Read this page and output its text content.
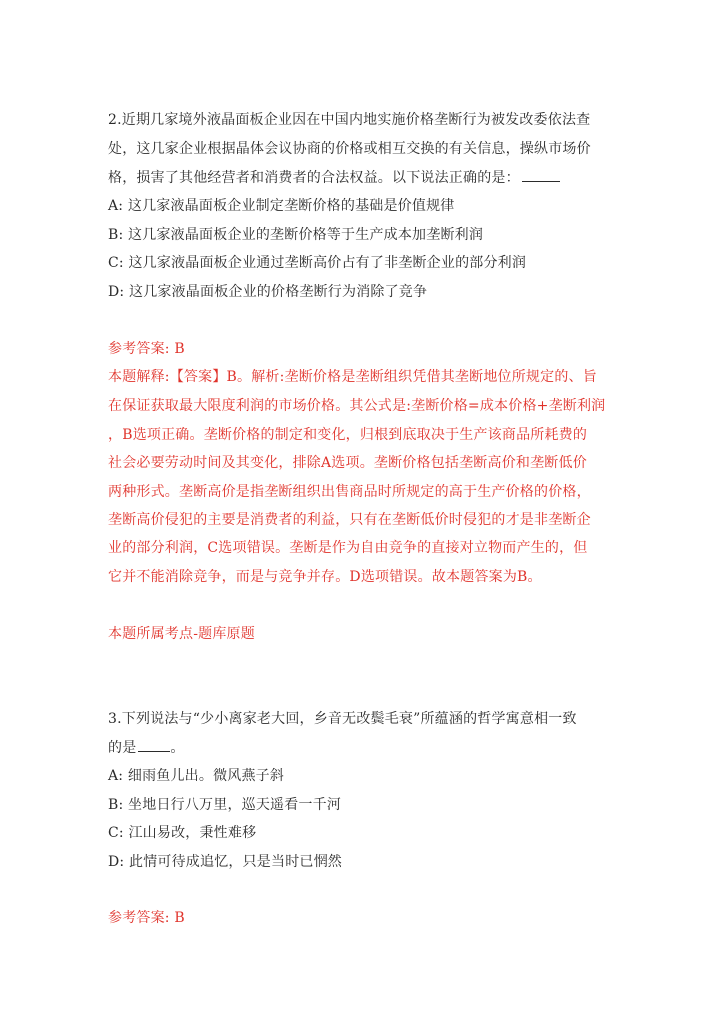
2.近期几家境外液晶面板企业因在中国内地实施价格垄断行为被发改委依法查
处，这几家企业根据晶体会议协商的价格或相互交换的有关信息，操纵市场价
格，损害了其他经营者和消费者的合法权益。以下说法正确的是：
A: 这几家液晶面板企业制定垄断价格的基础是价值规律
B: 这几家液晶面板企业的垄断价格等于生产成本加垄断利润
C: 这几家液晶面板企业通过垄断高价占有了非垄断企业的部分利润
D: 这几家液晶面板企业的价格垄断行为消除了竞争
参考答案: B
本题解释:【答案】B。解析:垄断价格是垄断组织凭借其垄断地位所规定的、旨
在保证获取最大限度利润的市场价格。其公式是:垄断价格=成本价格+垄断利润
，B选项正确。垄断价格的制定和变化，归根到底取决于生产该商品所耗费的
社会必要劳动时间及其变化，排除A选项。垄断价格包括垄断高价和垄断低价
两种形式。垄断高价是指垄断组织出售商品时所规定的高于生产价格的价格，
垄断高价侵犯的主要是消费者的利益，只有在垄断低价时侵犯的才是非垄断企
业的部分利润，C选项错误。垄断是作为自由竞争的直接对立物而产生的，但
它并不能消除竞争，而是与竞争并存。D选项错误。故本题答案为B。
本题所属考点-题库原题
3.下列说法与“少小离家老大回，乡音无改鬓毛衰”所蕴涵的哲学寓意相一致
的是 。
A: 细雨鱼儿出。微风燕子斜
B: 坐地日行八万里，巡天遥看一千河
C: 江山易改，秉性难移
D: 此情可待成追忆，只是当时已惘然
参考答案: B
